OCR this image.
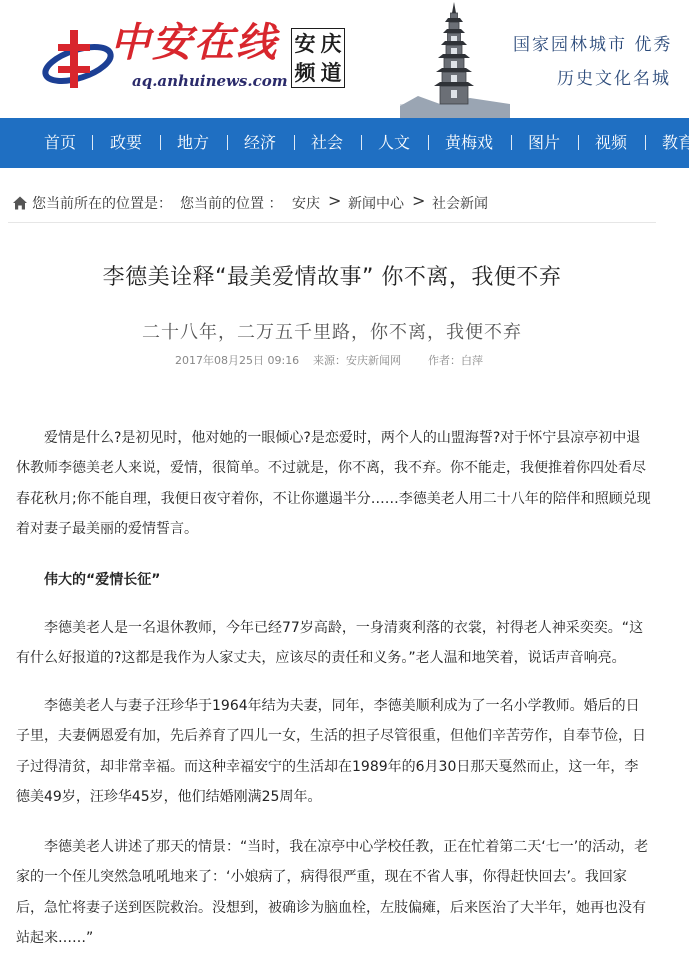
中安在线
aq.anhuinews.com
安 庆
频 道
国家园林城市 优秀
历史文化名城
首页 政要 地方 经济 社会 人文 黄梅戏 图片 视频 教育
您当前所在的位置是： 您当前的位置 ： 安庆 > 新闻中心 > 社会新闻
李德美诠释“最美爱情故事” 你不离，我便不弃
二十八年，二万五千里路，你不离，我便不弃
2017年08月25日 09:16 来源：安庆新闻网 作者：白萍

爱情是什么?是初见时，他对她的一眼倾心?是恋爱时，两个人的山盟海誓?对于怀宁县凉亭初中退休教师李德美老人来说，爱情，很简单。不过就是，你不离，我不弃。你不能走，我便推着你四处看尽春花秋月;你不能自理，我便日夜守着你，不让你邋遢半分……李德美老人用二十八年的陪伴和照顾兑现着对妻子最美丽的爱情誓言。

伟大的“爱情长征”

李德美老人是一名退休教师，今年已经77岁高龄，一身清爽利落的衣裳，衬得老人神采奕奕。“这有什么好报道的?这都是我作为人家丈夫，应该尽的责任和义务。”老人温和地笑着，说话声音响亮。

李德美老人与妻子汪珍华于1964年结为夫妻，同年，李德美顺利成为了一名小学教师。婚后的日子里，夫妻俩恩爱有加，先后养育了四儿一女，生活的担子尽管很重，但他们辛苦劳作，自奉节俭，日子过得清贫，却非常幸福。而这种幸福安宁的生活却在1989年的6月30日那天戛然而止，这一年，李德美49岁，汪珍华45岁，他们结婚刚满25周年。

李德美老人讲述了那天的情景：“当时，我在凉亭中心学校任教，正在忙着第二天‘七一’的活动，老家的一个侄儿突然急吼吼地来了：‘小娘病了，病得很严重，现在不省人事，你得赶快回去’。我回家后，急忙将妻子送到医院救治。没想到，被确诊为脑血栓，左肢偏瘫，后来医治了大半年，她再也没有站起来……”
